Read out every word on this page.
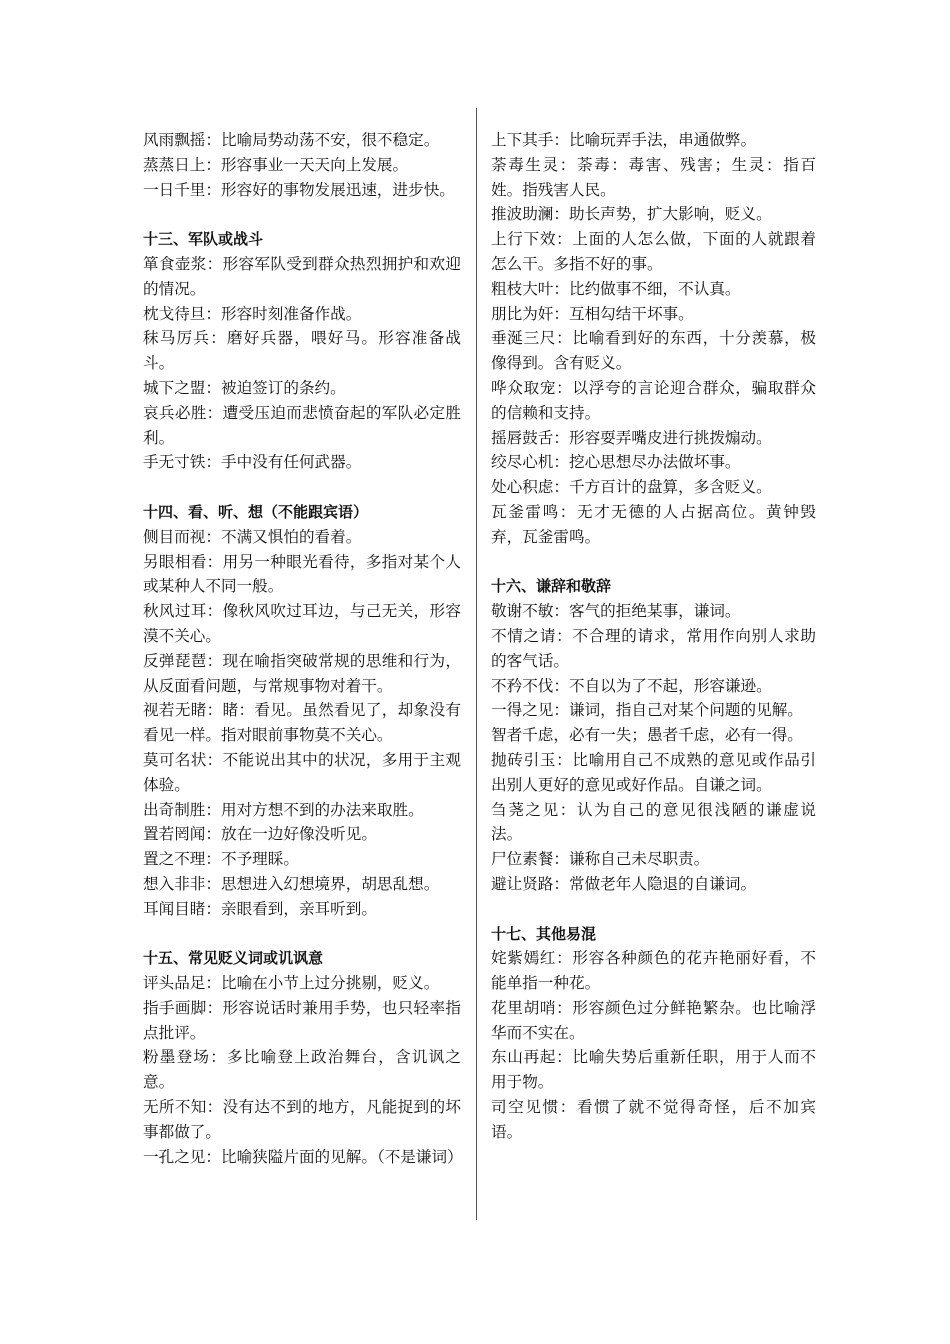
风雨飘摇：比喻局势动荡不安，很不稳定。

蒸蒸日上：形容事业一天天向上发展。

一日千里：形容好的事物发展迅速，进步快。

十三、军队或战斗

箪食壶浆：形容军队受到群众热烈拥护和欢迎的情况。

枕戈待旦：形容时刻准备作战。

秣马厉兵：磨好兵器，喂好马。形容准备战斗。

城下之盟：被迫签订的条约。

哀兵必胜：遭受压迫而悲愤奋起的军队必定胜利。

手无寸铁：手中没有任何武器。

十四、看、听、想（不能跟宾语）

侧目而视：不满又惧怕的看着。

另眼相看：用另一种眼光看待，多指对某个人或某种人不同一般。

秋风过耳：像秋风吹过耳边，与己无关，形容漠不关心。

反弹琵琶：现在喻指突破常规的思维和行为，从反面看问题，与常规事物对着干。

视若无睹：睹：看见。虽然看见了，却象没有看见一样。指对眼前事物莫不关心。

莫可名状：不能说出其中的状况，多用于主观体验。

出奇制胜：用对方想不到的办法来取胜。

置若罔闻：放在一边好像没听见。

置之不理：不予理睬。

想入非非：思想进入幻想境界，胡思乱想。

耳闻目睹：亲眼看到，亲耳听到。

十五、常见贬义词或讥讽意

评头品足：比喻在小节上过分挑剔，贬义。

指手画脚：形容说话时兼用手势，也只轻率指点批评。

粉墨登场：多比喻登上政治舞台，含讥讽之意。

无所不知：没有达不到的地方，凡能捉到的坏事都做了。

一孔之见：比喻狭隘片面的见解。（不是谦词）

上下其手：比喻玩弄手法，串通做弊。

荼毒生灵：荼毒：毒害、残害；生灵：指百姓。指残害人民。

推波助澜：助长声势，扩大影响，贬义。

上行下效：上面的人怎么做，下面的人就跟着怎么干。多指不好的事。

粗枝大叶：比约做事不细，不认真。

朋比为奸：互相勾结干坏事。

垂涎三尺：比喻看到好的东西，十分羡慕，极像得到。含有贬义。

哗众取宠：以浮夸的言论迎合群众，骗取群众的信赖和支持。

摇唇鼓舌：形容耍弄嘴皮进行挑拨煽动。

绞尽心机：挖心思想尽办法做坏事。

处心积虑：千方百计的盘算，多含贬义。

瓦釜雷鸣：无才无德的人占据高位。黄钟毁弃，瓦釜雷鸣。

十六、谦辞和敬辞

敬谢不敏：客气的拒绝某事，谦词。

不情之请：不合理的请求，常用作向别人求助的客气话。

不矜不伐：不自以为了不起，形容谦逊。

一得之见：谦词，指自己对某个问题的见解。

智者千虑，必有一失；愚者千虑，必有一得。

抛砖引玉：比喻用自己不成熟的意见或作品引出别人更好的意见或好作品。自谦之词。

刍荛之见：认为自己的意见很浅陋的谦虚说法。

尸位素餐：谦称自己未尽职责。

避让贤路：常做老年人隐退的自谦词。

十七、其他易混

姹紫嫣红：形容各种颜色的花卉艳丽好看，不能单指一种花。

花里胡哨：形容颜色过分鲜艳繁杂。也比喻浮华而不实在。

东山再起：比喻失势后重新任职，用于人而不用于物。

司空见惯：看惯了就不觉得奇怪，后不加宾语。
